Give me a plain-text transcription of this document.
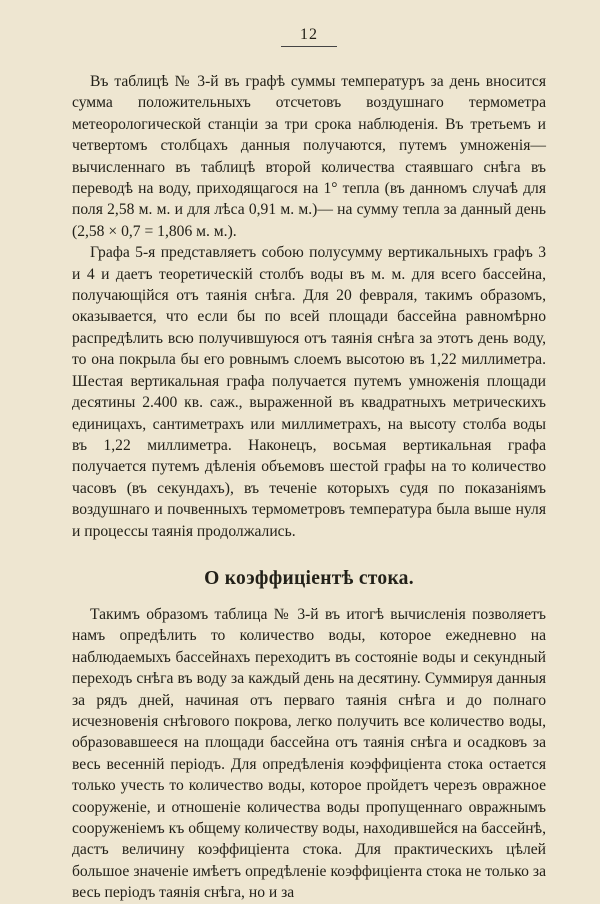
12

Въ таблицѣ № 3-й въ графѣ суммы температуръ за день вносится сумма положительныхъ отсчетовъ воздушнаго термометра метеорологической станціи за три срока наблюденія. Въ третьемъ и четвертомъ столбцахъ данныя получаются, путемъ умноженія—вычисленнаго въ таблицѣ второй количества стаявшаго снѣга въ переводѣ на воду, приходящагося на 1° тепла (въ данномъ случаѣ для поля 2,58 м. м. и для лѣса 0,91 м. м.)— на сумму тепла за данный день (2,58 × 0,7 = 1,806 м. м.).

Графа 5-я представляетъ собою полусумму вертикальныхъ графъ 3 и 4 и даетъ теоретическій столбъ воды въ м. м. для всего бассейна, получающійся отъ таянія снѣга. Для 20 февраля, такимъ образомъ, оказывается, что если бы по всей площади бассейна равномѣрно распредѣлить всю получившуюся отъ таянія снѣга за этотъ день воду, то она покрыла бы его ровнымъ слоемъ высотою въ 1,22 миллиметра. Шестая вертикальная графа получается путемъ умноженія площади десятины 2.400 кв. саж., выраженной въ квадратныхъ метрическихъ единицахъ, сантиметрахъ или миллиметрахъ, на высоту столба воды въ 1,22 миллиметра. Наконецъ, восьмая вертикальная графа получается путемъ дѣленія объемовъ шестой графы на то количество часовъ (въ секундахъ), въ теченіе которыхъ судя по показаніямъ воздушнаго и почвенныхъ термометровъ температура была выше нуля и процессы таянія продолжались.

О коэффиціентѣ стока.

Такимъ образомъ таблица № 3-й въ итогѣ вычисленія позволяетъ намъ опредѣлить то количество воды, которое ежедневно на наблюдаемыхъ бассейнахъ переходитъ въ состояніе воды и секундный переходъ снѣга въ воду за каждый день на десятину. Суммируя данныя за рядъ дней, начиная отъ перваго таянія снѣга и до полнаго исчезновенія снѣгового покрова, легко получить все количество воды, образовавшееся на площади бассейна отъ таянія снѣга и осадковъ за весь весенній періодъ. Для опредѣленія коэффиціента стока остается только учесть то количество воды, которое пройдетъ черезъ овражное сооруженіе, и отношеніе количества воды пропущеннаго овражнымъ сооруженіемъ къ общему количеству воды, находившейся на бассейнѣ, дастъ величину коэффиціента стока. Для практическихъ цѣлей большое значеніе имѣетъ опредѣленіе коэффиціента стока не только за весь періодъ таянія снѣга, но и за
